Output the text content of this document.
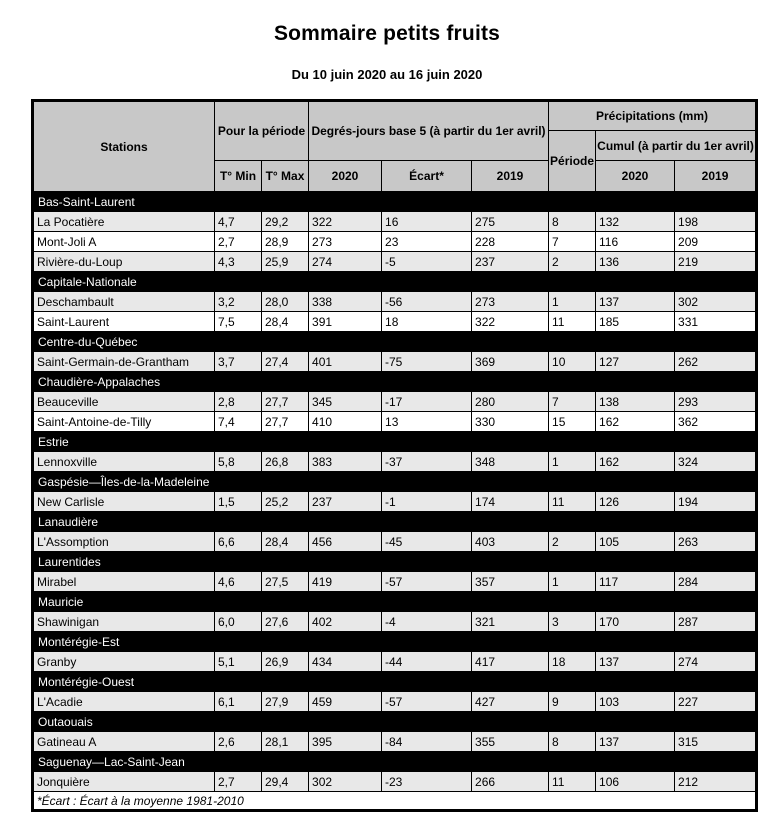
Sommaire petits fruits
Du 10 juin 2020 au 16 juin 2020
Stations	Pour la période		Degrés-jours base 5 (à partir du 1er avril)			Précipitations (mm)		
						Période	Cumul (à partir du 1er avril)	
	T° Min	T° Max	2020	Écart*	2019		2020	2019
Bas-Saint-Laurent								
La Pocatière	4,7	29,2	322	16	275	8	132	198
Mont-Joli A	2,7	28,9	273	23	228	7	116	209
Rivière-du-Loup	4,3	25,9	274	-5	237	2	136	219
Capitale-Nationale								
Deschambault	3,2	28,0	338	-56	273	1	137	302
Saint-Laurent	7,5	28,4	391	18	322	11	185	331
Centre-du-Québec								
Saint-Germain-de-Grantham	3,7	27,4	401	-75	369	10	127	262
Chaudière-Appalaches								
Beauceville	2,8	27,7	345	-17	280	7	138	293
Saint-Antoine-de-Tilly	7,4	27,7	410	13	330	15	162	362
Estrie								
Lennoxville	5,8	26,8	383	-37	348	1	162	324
Gaspésie—Îles-de-la-Madeleine								
New Carlisle	1,5	25,2	237	-1	174	11	126	194
Lanaudière								
L'Assomption	6,6	28,4	456	-45	403	2	105	263
Laurentides								
Mirabel	4,6	27,5	419	-57	357	1	117	284
Mauricie								
Shawinigan	6,0	27,6	402	-4	321	3	170	287
Montérégie-Est								
Granby	5,1	26,9	434	-44	417	18	137	274
Montérégie-Ouest								
L'Acadie	6,1	27,9	459	-57	427	9	103	227
Outaouais								
Gatineau A	2,6	28,1	395	-84	355	8	137	315
Saguenay—Lac-Saint-Jean								
Jonquière	2,7	29,4	302	-23	266	11	106	212
*Écart : Écart à la moyenne 1981-2010								
